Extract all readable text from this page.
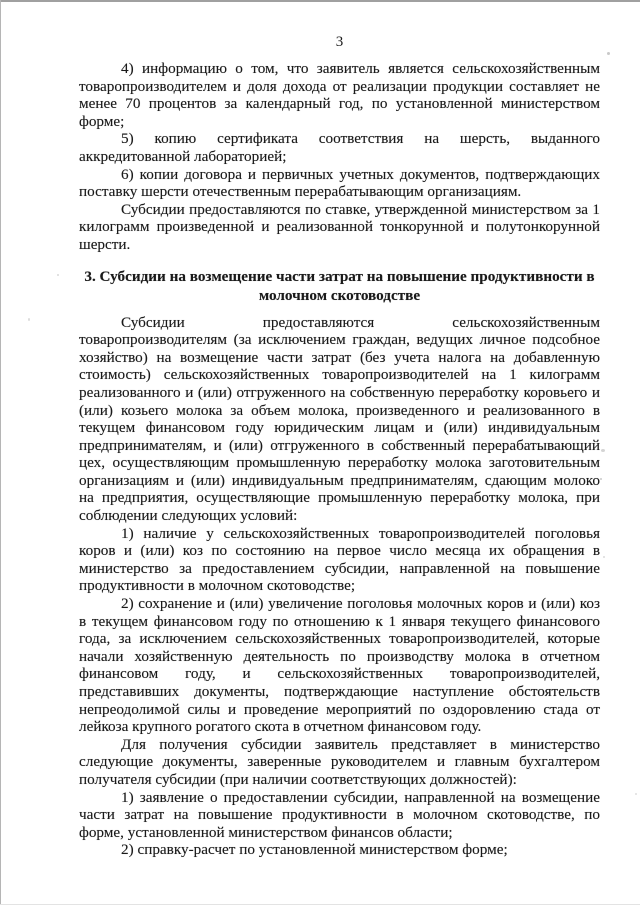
3

4) информацию о том, что заявитель является сельскохозяйственным товаропроизводителем и доля дохода от реализации продукции составляет не менее 70 процентов за календарный год, по установленной министерством форме;

5) копию сертификата соответствия на шерсть, выданного аккредитованной лабораторией;

6) копии договора и первичных учетных документов, подтверждающих поставку шерсти отечественным перерабатывающим организациям.

Субсидии предоставляются по ставке, утвержденной министерством за 1 килограмм произведенной и реализованной тонкорунной и полутонкорунной шерсти.

3. Субсидии на возмещение части затрат на повышение продуктивности в молочном скотоводстве

Субсидии предоставляются сельскохозяйственным товаропроизводителям (за исключением граждан, ведущих личное подсобное хозяйство) на возмещение части затрат (без учета налога на добавленную стоимость) сельскохозяйственных товаропроизводителей на 1 килограмм реализованного и (или) отгруженного на собственную переработку коровьего и (или) козьего молока за объем молока, произведенного и реализованного в текущем финансовом году юридическим лицам и (или) индивидуальным предпринимателям, и (или) отгруженного в собственный перерабатывающий цех, осуществляющим промышленную переработку молока заготовительным организациям и (или) индивидуальным предпринимателям, сдающим молоко на предприятия, осуществляющие промышленную переработку молока, при соблюдении следующих условий:

1) наличие у сельскохозяйственных товаропроизводителей поголовья коров и (или) коз по состоянию на первое число месяца их обращения в министерство за предоставлением субсидии, направленной на повышение продуктивности в молочном скотоводстве;

2) сохранение и (или) увеличение поголовья молочных коров и (или) коз в текущем финансовом году по отношению к 1 января текущего финансового года, за исключением сельскохозяйственных товаропроизводителей, которые начали хозяйственную деятельность по производству молока в отчетном финансовом году, и сельскохозяйственных товаропроизводителей, представивших документы, подтверждающие наступление обстоятельств непреодолимой силы и проведение мероприятий по оздоровлению стада от лейкоза крупного рогатого скота в отчетном финансовом году.

Для получения субсидии заявитель представляет в министерство следующие документы, заверенные руководителем и главным бухгалтером получателя субсидии (при наличии соответствующих должностей):

1) заявление о предоставлении субсидии, направленной на возмещение части затрат на повышение продуктивности в молочном скотоводстве, по форме, установленной министерством финансов области;

2) справку-расчет по установленной министерством форме;
